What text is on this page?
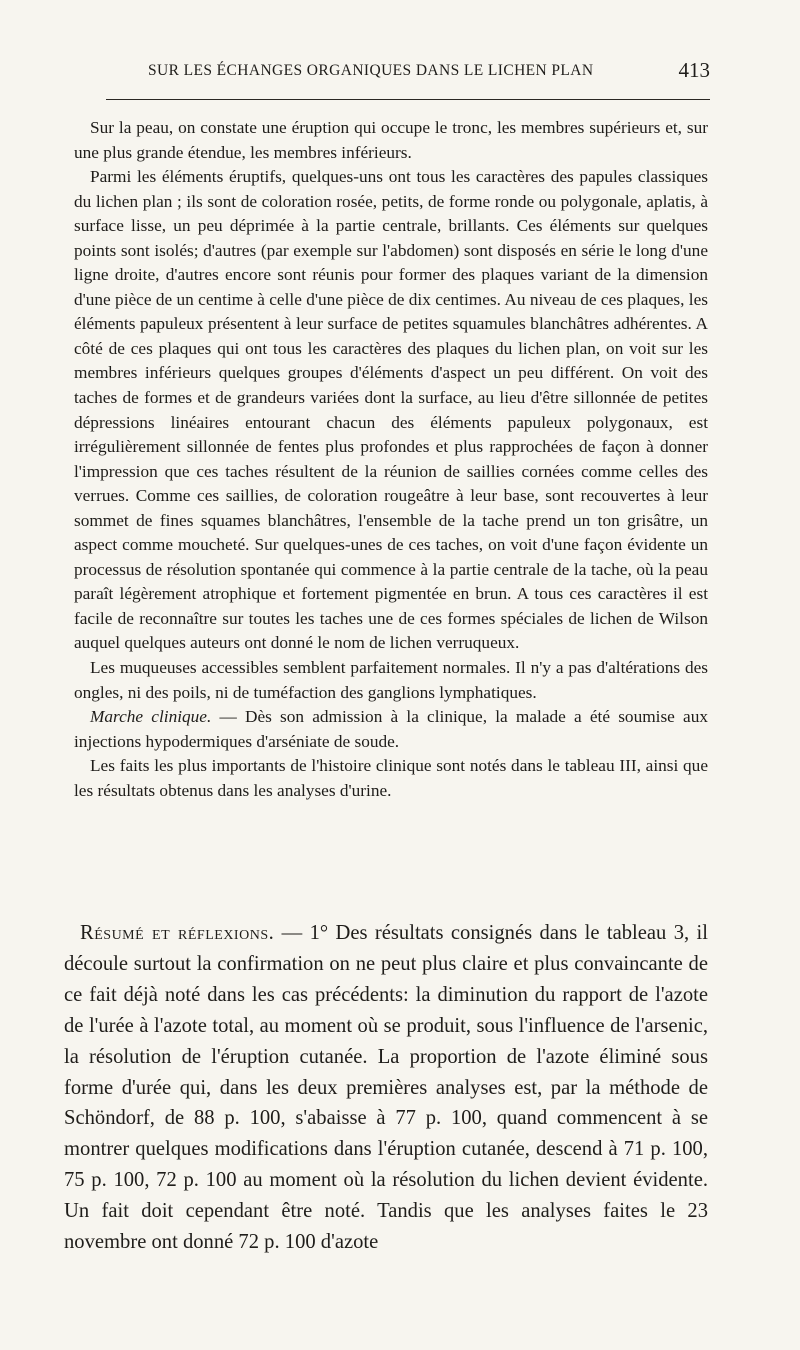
SUR LES ÉCHANGES ORGANIQUES DANS LE LICHEN PLAN	413

Sur la peau, on constate une éruption qui occupe le tronc, les membres supérieurs et, sur une plus grande étendue, les membres inférieurs.

Parmi les éléments éruptifs, quelques-uns ont tous les caractères des papules classiques du lichen plan ; ils sont de coloration rosée, petits, de forme ronde ou polygonale, aplatis, à surface lisse, un peu déprimée à la partie centrale, brillants. Ces éléments sur quelques points sont isolés; d'autres (par exemple sur l'abdomen) sont disposés en série le long d'une ligne droite, d'autres encore sont réunis pour former des plaques variant de la dimension d'une pièce de un centime à celle d'une pièce de dix centimes. Au niveau de ces plaques, les éléments papuleux présentent à leur surface de petites squamules blanchâtres adhérentes. A côté de ces plaques qui ont tous les caractères des plaques du lichen plan, on voit sur les membres inférieurs quelques groupes d'éléments d'aspect un peu différent. On voit des taches de formes et de grandeurs variées dont la surface, au lieu d'être sillonnée de petites dépressions linéaires entourant chacun des éléments papuleux polygonaux, est irrégulièrement sillonnée de fentes plus profondes et plus rapprochées de façon à donner l'impression que ces taches résultent de la réunion de saillies cornées comme celles des verrues. Comme ces saillies, de coloration rougeâtre à leur base, sont recouvertes à leur sommet de fines squames blanchâtres, l'ensemble de la tache prend un ton grisâtre, un aspect comme moucheté. Sur quelques-unes de ces taches, on voit d'une façon évidente un processus de résolution spontanée qui commence à la partie centrale de la tache, où la peau paraît légèrement atrophique et fortement pigmentée en brun. A tous ces caractères il est facile de reconnaître sur toutes les taches une de ces formes spéciales de lichen de Wilson auquel quelques auteurs ont donné le nom de lichen verruqueux.

Les muqueuses accessibles semblent parfaitement normales. Il n'y a pas d'altérations des ongles, ni des poils, ni de tuméfaction des ganglions lymphatiques.

Marche clinique. — Dès son admission à la clinique, la malade a été soumise aux injections hypodermiques d'arséniate de soude.

Les faits les plus importants de l'histoire clinique sont notés dans le tableau III, ainsi que les résultats obtenus dans les analyses d'urine.

Résumé et réflexions. — 1° Des résultats consignés dans le tableau 3, il découle surtout la confirmation on ne peut plus claire et plus convaincante de ce fait déjà noté dans les cas précédents: la diminution du rapport de l'azote de l'urée à l'azote total, au moment où se produit, sous l'influence de l'arsenic, la résolution de l'éruption cutanée. La proportion de l'azote éliminé sous forme d'urée qui, dans les deux premières analyses est, par la méthode de Schöndorf, de 88 p. 100, s'abaisse à 77 p. 100, quand commencent à se montrer quelques modifications dans l'éruption cutanée, descend à 71 p. 100, 75 p. 100, 72 p. 100 au moment où la résolution du lichen devient évidente. Un fait doit cependant être noté. Tandis que les analyses faites le 23 novembre ont donné 72 p. 100 d'azote
